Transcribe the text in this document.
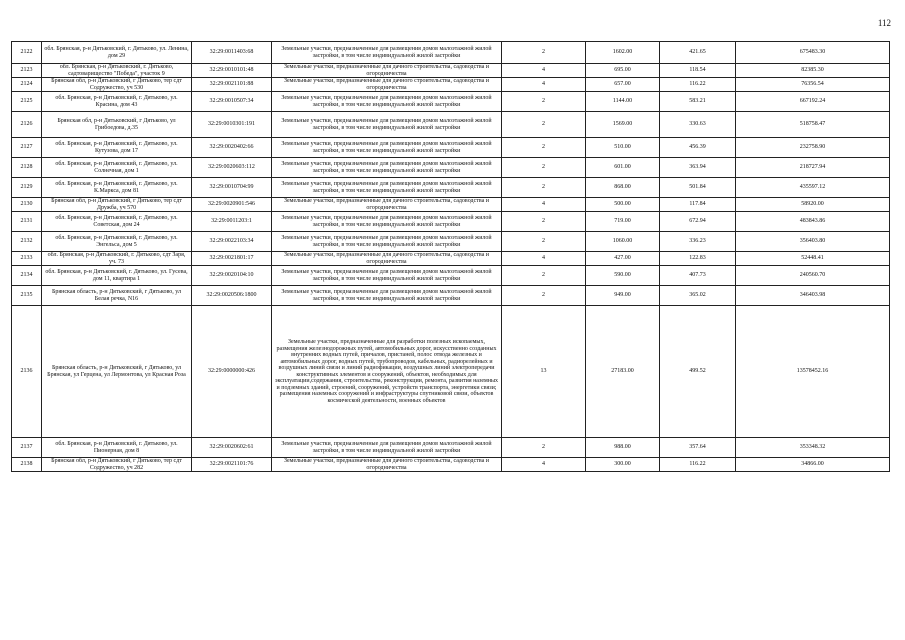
112
2122	обл. Брянская, р-н Дятьковский, г. Дятьково, ул. Ленина, дом 29	32:29:0011403:68	Земельные участки, предназначенные для размещения домов малоэтажной жилой застройки, в том числе индивидуальной жилой застройки	2	1602.00	421.65	675483.30
2123	обл. Брянская, р-н Дятьковский, г. Дятьково, садтоварищество "Победа", участок 9	32:29:0010101:48	Земельные участки, предназначенные для дачного строительства, садоводства и огородничества	4	695.00	118.54	82385.30
2124	Брянская обл, р-н Дятьковский, г Дятьково, тер сдт Содружество, уч 530	32:29:0021101:88	Земельные участки, предназначенные для дачного строительства, садоводства и огородничества	4	657.00	116.22	76356.54
2125	обл. Брянская, р-н Дятьковский, г. Дятьково, ул. Красина, дом 43	32:29:0010507:34	Земельные участки, предназначенные для размещения домов малоэтажной жилой застройки, в том числе индивидуальной жилой застройки	2	1144.00	583.21	667192.24
2126	Брянская обл, р-н Дятьковский, г Дятьково, ул Грибоедова, д.35	32:29:0010301:191	Земельные участки, предназначенные для размещения домов малоэтажной жилой застройки, в том числе индивидуальной жилой застройки	2	1569.00	330.63	518758.47
2127	обл. Брянская, р-н Дятьковский, г. Дятьково, ул. Кутузова, дом 17	32:29:0020402:66	Земельные участки, предназначенные для размещения домов малоэтажной жилой застройки, в том числе индивидуальной жилой застройки	2	510.00	456.39	232758.90
2128	обл. Брянская, р-н Дятьковский, г. Дятьково, ул. Солнечная, дом 1	32:29:0020603:112	Земельные участки, предназначенные для размещения домов малоэтажной жилой застройки, в том числе индивидуальной жилой застройки	2	601.00	363.94	218727.94
2129	обл. Брянская, р-н Дятьковский, г. Дятьково, ул. К.Маркса, дом 81	32:29:0010704:99	Земельные участки, предназначенные для размещения домов малоэтажной жилой застройки, в том числе индивидуальной жилой застройки	2	868.00	501.84	435597.12
2130	Брянская обл, р-н Дятьковский, г Дятьково, тер сдт Дружба, уч 570	32:29:0020901:546	Земельные участки, предназначенные для дачного строительства, садоводства и огородничества	4	500.00	117.84	58920.00
2131	обл. Брянская, р-н Дятьковский, г. Дятьково, ул. Советская, дом 24	32:29:0011203:1	Земельные участки, предназначенные для размещения домов малоэтажной жилой застройки, в том числе индивидуальной жилой застройки	2	719.00	672.94	483843.86
2132	обл. Брянская, р-н Дятьковский, г. Дятьково, ул. Энгельса, дом 5	32:29:0022103:34	Земельные участки, предназначенные для размещения домов малоэтажной жилой застройки, в том числе индивидуальной жилой застройки	2	1060.00	336.23	356403.80
2133	обл. Брянская, р-н Дятьковский, г. Дятьково, сдт Заря, уч. 73	32:29:0021801:17	Земельные участки, предназначенные для дачного строительства, садоводства и огородничества	4	427.00	122.83	52448.41
2134	обл. Брянская, р-н Дятьковский, г. Дятьково, ул. Гусева, дом 11, квартира 1	32:29:0020104:10	Земельные участки, предназначенные для размещения домов малоэтажной жилой застройки, в том числе индивидуальной жилой застройки	2	590.00	407.73	240560.70
2135	Брянская область, р-н Дятьковский, г Дятьково, ул Белая речка, N16	32:29:0020506:1800	Земельные участки, предназначенные для размещения домов малоэтажной жилой застройки, в том числе индивидуальной жилой застройки	2	949.00	365.02	346403.98
2136	Брянская область, р-н Дятьковский, г Дятьково, ул Брянская, ул Герцена, ул Лермонтова, ул Красная Роза	32:29:0000000:426	Земельные участки, предназначенные для разработки полезных ископаемых, размещения железнодорожных путей, автомобильных дорог, искусственно созданных внутренних водных путей, причалов, пристаней, полос отвода железных и автомобильных дорог, водных путей, трубопроводов, кабельных, радиорелейных и воздушных линий связи и линий радиофикации, воздушных линий электропередачи конструктивных элементов и сооружений, объектов, необходимых для эксплуатации,содержания, строительства, реконструкции, ремонта, развития наземных и подземных зданий, строений, сооружений, устройств транспорта, энергетики связи; размещения наземных сооружений и инфраструктуры спутниковой связи, объектов космической деятельности, военных объектов	13	27183.00	499.52	13578452.16
2137	обл. Брянская, р-н Дятьковский, г. Дятьково, ул. Пионерная, дом 8	32:29:0020602:61	Земельные участки, предназначенные для размещения домов малоэтажной жилой застройки, в том числе индивидуальной жилой застройки	2	988.00	357.64	353348.32
2138	Брянская обл, р-н Дятьковский, г Дятьково, тер сдт Содружество, уч 282	32:29:0021101:76	Земельные участки, предназначенные для дачного строительства, садоводства и огородничества	4	300.00	116.22	34866.00
